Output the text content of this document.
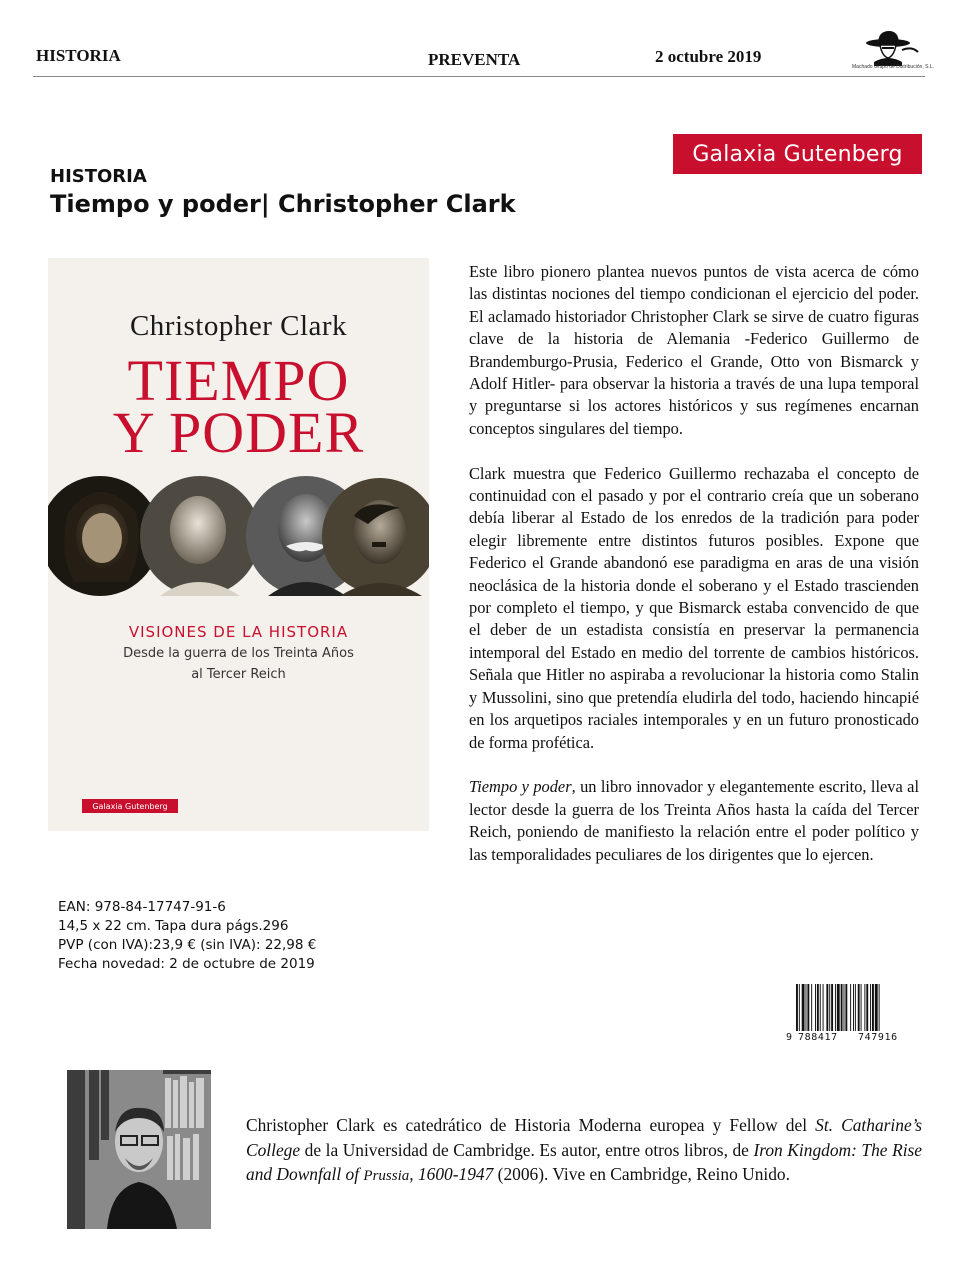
HISTORIA	PREVENTA	2 octubre 2019
Machado Grupo de Distribución, S.L.
Galaxia Gutenberg
HISTORIA
Tiempo y poder| Christopher Clark
Christopher Clark
TIEMPO
Y PODER
VISIONES DE LA HISTORIA
Desde la guerra de los Treinta Años
al Tercer Reich
Galaxia Gutenberg
EAN: 978-84-17747-91-6
14,5 x 22 cm. Tapa dura págs.296
PVP (con IVA):23,9 € (sin IVA): 22,98 €
Fecha novedad: 2 de octubre de 2019

Este libro pionero plantea nuevos puntos de vista acerca de cómo las distintas nociones del tiempo condicionan el ejercicio del poder. El aclamado historiador Christopher Clark se sirve de cuatro figuras clave de la historia de Alemania -Federico Guillermo de Brandemburgo-Prusia, Federico el Grande, Otto von Bismarck y Adolf Hitler- para observar la historia a través de una lupa temporal y preguntarse si los actores históricos y sus regímenes encarnan conceptos singulares del tiempo.

Clark muestra que Federico Guillermo rechazaba el concepto de continuidad con el pasado y por el contrario creía que un soberano debía liberar al Estado de los enredos de la tradición para poder elegir libremente entre distintos futuros posibles. Expone que Federico el Grande abandonó ese paradigma en aras de una visión neoclásica de la historia donde el soberano y el Estado trascienden por completo el tiempo, y que Bismarck estaba convencido de que el deber de un estadista consistía en preservar la permanencia intemporal del Estado en medio del torrente de cambios históricos. Señala que Hitler no aspiraba a revolucionar la historia como Stalin y Mussolini, sino que pretendía eludirla del todo, haciendo hincapié en los arquetipos raciales intemporales y en un futuro pronosticado de forma profética.

Tiempo y poder, un libro innovador y elegantemente escrito, lleva al lector desde la guerra de los Treinta Años hasta la caída del Tercer Reich, poniendo de manifiesto la relación entre el poder político y las temporalidades peculiares de los dirigentes que lo ejercen.

9 788417 747916
Christopher Clark es catedrático de Historia Moderna europea y Fellow del St. Catharine’s College de la Universidad de Cambridge. Es autor, entre otros libros, de Iron Kingdom: The Rise and Downfall of Prussia, 1600-1947 (2006). Vive en Cambridge, Reino Unido.
